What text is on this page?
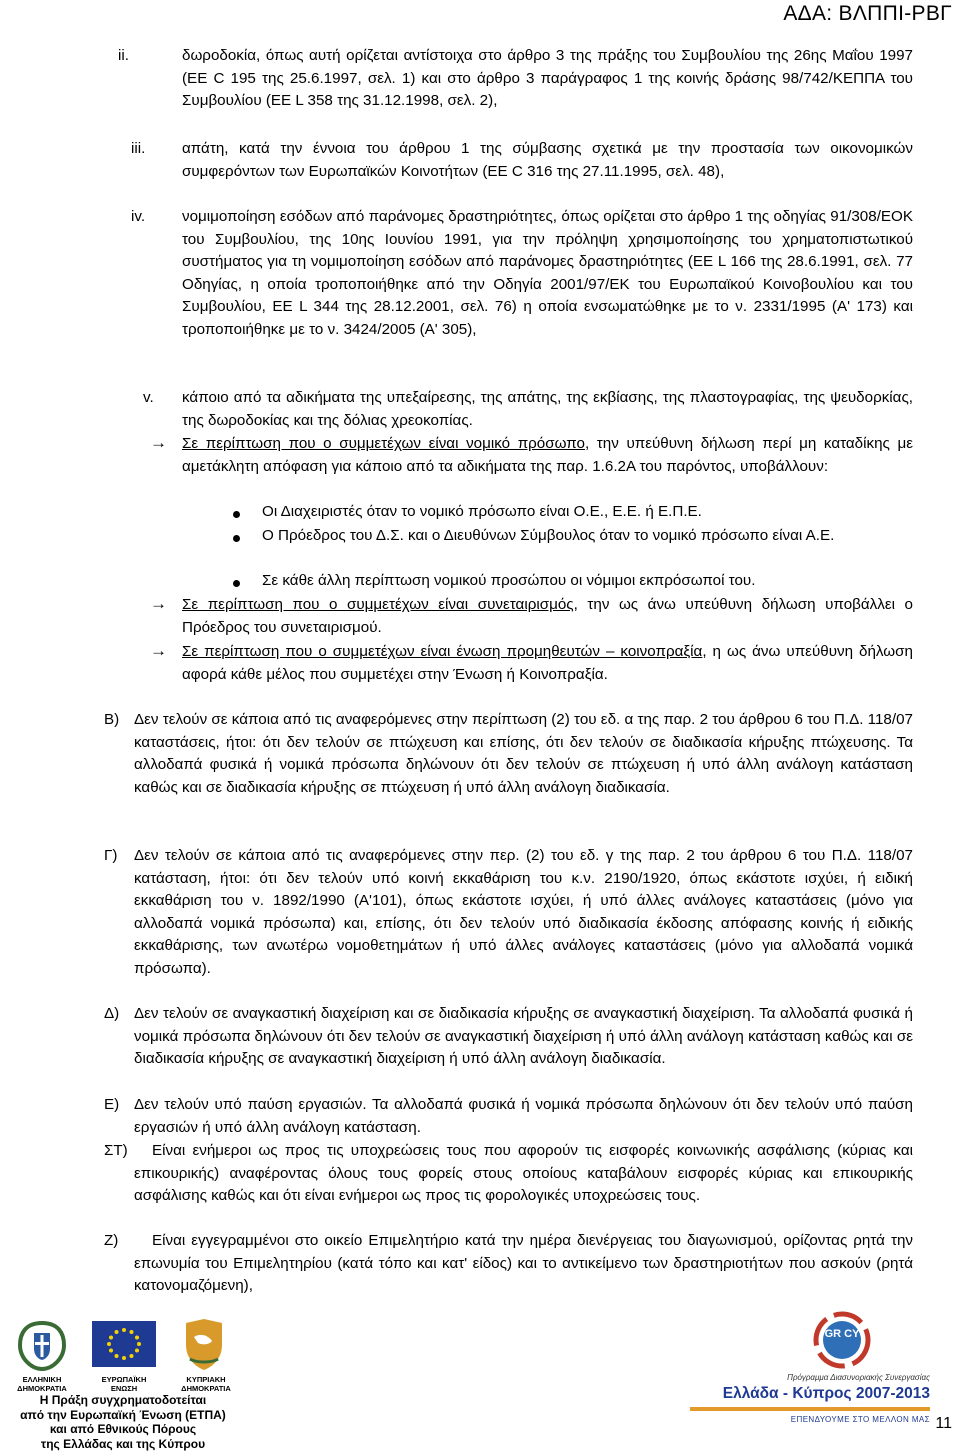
ΑΔΑ: ΒΛΠΠΙ-ΡΒΓ
ii.	δωροδοκία, όπως αυτή ορίζεται αντίστοιχα στο άρθρο 3 της πράξης του Συμβουλίου της 26ης Μαΐου 1997 (ΕΕ C 195 της 25.6.1997, σελ. 1) και στο άρθρο 3 παράγραφος 1 της κοινής δράσης 98/742/ΚΕΠΠΑ του Συμβουλίου (ΕΕ L 358 της 31.12.1998, σελ. 2),
iii. απάτη, κατά την έννοια του άρθρου 1 της σύμβασης σχετικά με την προστασία των οικονομικών συμφερόντων των Ευρωπαϊκών Κοινοτήτων (ΕΕ C 316 της 27.11.1995, σελ. 48),
iv. νομιμοποίηση εσόδων από παράνομες δραστηριότητες, όπως ορίζεται στο άρθρο 1 της οδηγίας 91/308/ΕΟΚ του Συμβουλίου, της 10ης Ιουνίου 1991, για την πρόληψη χρησιμοποίησης του χρηματοπιστωτικού συστήματος για τη νομιμοποίηση εσόδων από παράνομες δραστηριότητες (ΕΕ L 166 της 28.6.1991, σελ. 77 Οδηγίας, η οποία τροποποιήθηκε από την Οδηγία 2001/97/ΕΚ του Ευρωπαϊκού Κοινοβουλίου και του Συμβουλίου, ΕΕ L 344 της 28.12.2001, σελ. 76) η οποία ενσωματώθηκε με το ν. 2331/1995 (Α' 173) και τροποποιήθηκε με το ν. 3424/2005 (Α' 305),
v. κάποιο από τα αδικήματα της υπεξαίρεσης, της απάτης, της εκβίασης, της πλαστογραφίας, της ψευδορκίας, της δωροδοκίας και της δόλιας χρεοκοπίας.
→ Σε περίπτωση που ο συμμετέχων είναι νομικό πρόσωπο, την υπεύθυνη δήλωση περί μη καταδίκης με αμετάκλητη απόφαση για κάποιο από τα αδικήματα της παρ. 1.6.2Α του παρόντος, υποβάλλουν:
Οι Διαχειριστές όταν το νομικό πρόσωπο είναι Ο.Ε., Ε.Ε. ή Ε.Π.Ε.
Ο Πρόεδρος του Δ.Σ. και ο Διευθύνων Σύμβουλος όταν το νομικό πρόσωπο είναι Α.Ε.
Σε κάθε άλλη περίπτωση νομικού προσώπου οι νόμιμοι εκπρόσωποί του.
→ Σε περίπτωση που ο συμμετέχων είναι συνεταιρισμός, την ως άνω υπεύθυνη δήλωση υποβάλλει ο Πρόεδρος του συνεταιρισμού.
→ Σε περίπτωση που ο συμμετέχων είναι ένωση προμηθευτών – κοινοπραξία, η ως άνω υπεύθυνη δήλωση αφορά κάθε μέλος που συμμετέχει στην Ένωση ή Κοινοπραξία.
Β) Δεν τελούν σε κάποια από τις αναφερόμενες στην περίπτωση (2) του εδ. α της παρ. 2 του άρθρου 6 του Π.Δ. 118/07 καταστάσεις, ήτοι: ότι δεν τελούν σε πτώχευση και επίσης, ότι δεν τελούν σε διαδικασία κήρυξης πτώχευσης. Τα αλλοδαπά φυσικά ή νομικά πρόσωπα δηλώνουν ότι δεν τελούν σε πτώχευση ή υπό άλλη ανάλογη κατάσταση καθώς και σε διαδικασία κήρυξης σε πτώχευση ή υπό άλλη ανάλογη διαδικασία.
Γ) Δεν τελούν σε κάποια από τις αναφερόμενες στην περ. (2) του εδ. γ της παρ. 2 του άρθρου 6 του Π.Δ. 118/07 κατάσταση, ήτοι: ότι δεν τελούν υπό κοινή εκκαθάριση του κ.ν. 2190/1920, όπως εκάστοτε ισχύει, ή ειδική εκκαθάριση του ν. 1892/1990 (Α'101), όπως εκάστοτε ισχύει, ή υπό άλλες ανάλογες καταστάσεις (μόνο για αλλοδαπά νομικά πρόσωπα) και, επίσης, ότι δεν τελούν υπό διαδικασία έκδοσης απόφασης κοινής ή ειδικής εκκαθάρισης, των ανωτέρω νομοθετημάτων ή υπό άλλες ανάλογες καταστάσεις (μόνο για αλλοδαπά νομικά πρόσωπα).
Δ) Δεν τελούν σε αναγκαστική διαχείριση και σε διαδικασία κήρυξης σε αναγκαστική διαχείριση. Τα αλλοδαπά φυσικά ή νομικά πρόσωπα δηλώνουν ότι δεν τελούν σε αναγκαστική διαχείριση ή υπό άλλη ανάλογη κατάσταση καθώς και σε διαδικασία κήρυξης σε αναγκαστική διαχείριση ή υπό άλλη ανάλογη διαδικασία.
Ε) Δεν τελούν υπό παύση εργασιών. Τα αλλοδαπά φυσικά ή νομικά πρόσωπα δηλώνουν ότι δεν τελούν υπό παύση εργασιών ή υπό άλλη ανάλογη κατάσταση.
ΣΤ)	Είναι ενήμεροι ως προς τις υποχρεώσεις τους που αφορούν τις εισφορές κοινωνικής ασφάλισης (κύριας και επικουρικής) αναφέροντας όλους τους φορείς στους οποίους καταβάλουν εισφορές κύριας και επικουρικής ασφάλισης καθώς και ότι είναι ενήμεροι ως προς τις φορολογικές υποχρεώσεις τους.
Ζ)	Είναι εγγεγραμμένοι στο οικείο Επιμελητήριο κατά την ημέρα διενέργειας του διαγωνισμού, ορίζοντας ρητά την επωνυμία του Επιμελητηρίου (κατά τόπο και κατ' είδος) και το αντικείμενο των δραστηριοτήτων που ασκούν (ρητά κατονομαζόμενη),
ΕΛΛΗΝΙΚΗ ΔΗΜΟΚΡΑΤΙΑ
ΕΥΡΩΠΑΪΚΗ ΕΝΩΣΗ
ΚΥΠΡΙΑΚΗ ΔΗΜΟΚΡΑΤΙΑ
Η Πράξη συγχρηματοδοτείται
από την Ευρωπαϊκή Ένωση (ΕΤΠΑ)
και από Εθνικούς Πόρους
της Ελλάδας και της Κύπρου
GR CY
Πρόγραμμα Διασυνοριακής Συνεργασίας
Ελλάδα - Κύπρος 2007-2013
ΕΠΕΝΔΥΟΥΜΕ ΣΤΟ ΜΕΛΛΟΝ ΜΑΣ 11
